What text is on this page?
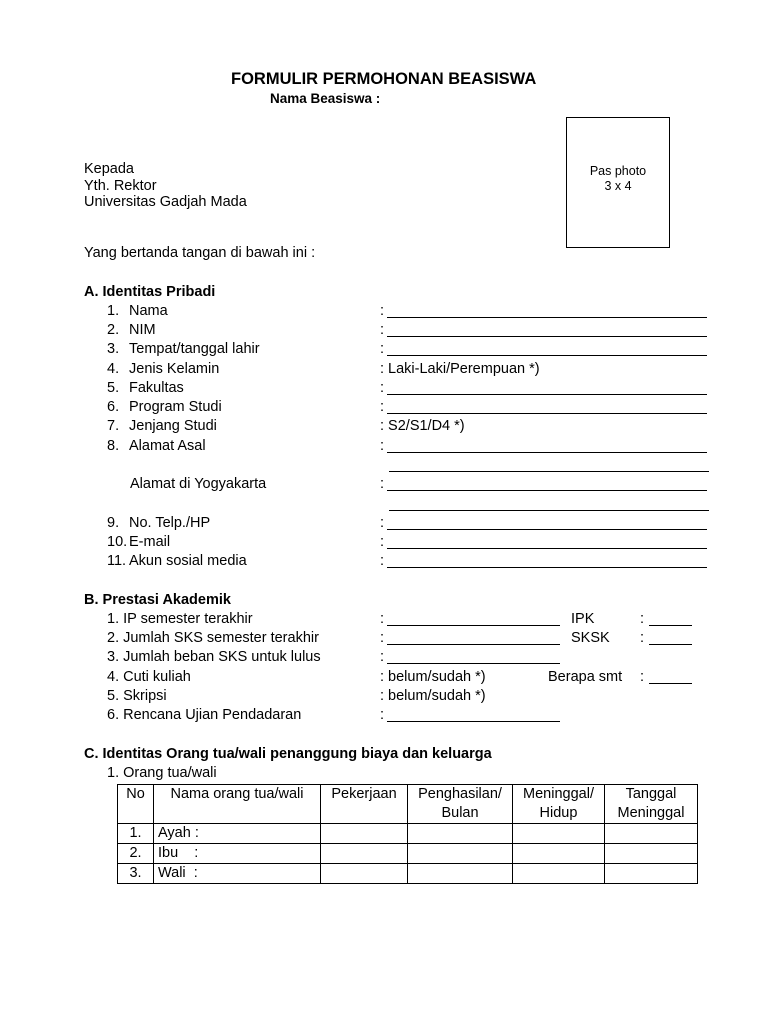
FORMULIR PERMOHONAN BEASISWA
Nama Beasiswa :
Pas photo
3 x 4
Kepada
Yth. Rektor
Universitas Gadjah Mada
Yang bertanda tangan di bawah ini :
A. Identitas Pribadi
1. Nama	:
2. NIM	:
3. Tempat/tanggal lahir	:
4. Jenis Kelamin	: Laki-Laki/Perempuan *)
5. Fakultas	:
6. Program Studi	:
7. Jenjang Studi	: S2/S1/D4 *)
8. Alamat Asal	:
Alamat di Yogyakarta	:
9. No. Telp./HP	:
10. E-mail	:
11. Akun sosial media	:
B. Prestasi Akademik
1. IP semester terakhir	:	IPK	:
2. Jumlah SKS semester terakhir	:	SKSK :
3. Jumlah beban SKS untuk lulus	:
4. Cuti kuliah	: belum/sudah *)	Berapa smt :
5. Skripsi	: belum/sudah *)
6. Rencana Ujian Pendadaran	:
C. Identitas Orang tua/wali penanggung biaya dan keluarga
1. Orang tua/wali
No	Nama orang tua/wali	Pekerjaan	Penghasilan/ Bulan	Meninggal/ Hidup	Tanggal Meninggal
1.	Ayah :				
2.	Ibu    :				
3.	Wali  :				
